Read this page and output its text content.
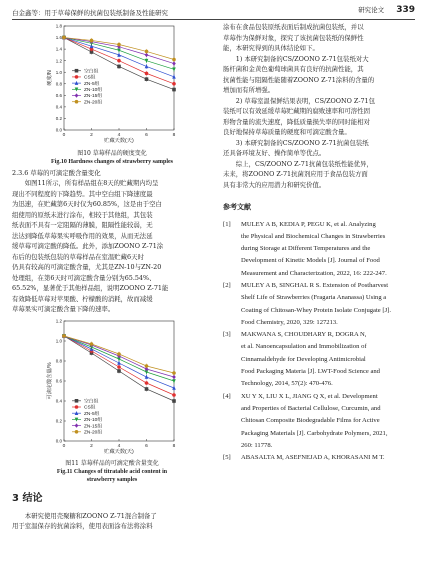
白金鑫等：用于草莓保鲜的抗菌包装纸制备及性能研究	研究论文 339
0.0
0.2
0.4
0.6
0.8
1.0
1.2
1.4
1.6
1.8
0	2	4	6	8
贮藏天数(天)
硬度/N	空白组
CS组
ZN-5组
ZN-10组
ZN-15组
ZN-20组

图10 草莓样品的硬度变化

Fig.10 Hardness changes of strawberry samples

2.3.6 草莓的可滴定酸含量变化

如图11所示，所有样品组在8天的贮藏期内均呈
现出不同程度的下降趋势。其中空白组下降速度最
为迅速，在贮藏第6天时仅为60.85%，这是由于空白
组使用的原纸未进行涂布，相较于其他组，其包装
纸表面不具有一定阻隔的薄膜，阻隔性能较弱，无
法达到降低草莓果实呼吸作用的效果，从而无法延
缓草莓可滴定酸的降低。此外，添加ZOONO Z-71涂
布后的包装纸包装的草莓样品在室温贮藏6天时
仍具有较高的可滴定酸含量，尤其是ZN-10与ZN-20
处理组，在第6天时可滴定酸含量分别为65.54%、
65.52%，显著优于其他样品组，说明ZOONO Z-71能
有效降低草莓对苹果酸、柠檬酸的消耗，故而减缓
草莓果实可滴定酸含量下降的速率。
0.0
0.2
0.4
0.6
0.8
1.0
1.2
0	2	4	6	8
贮藏天数(天)
可滴定酸含量/%
空白组
CS组
ZN-5组
ZN-10组
ZN-15组
ZN-20组

图11 草莓样品的可滴定酸含量变化

Fig.11 Changes of titratable acid content in

strawberry samples

3 结论

本研究使用壳聚糖和ZOONO Z-71混合制备了
用于室温保存的抗菌涂料，使用表面涂布法将涂料
涂布在食品包装原纸表面后制成抗菌包装纸，并以
草莓作为保鲜对象，探究了该抗菌包装纸的保鲜性
能，本研究得到的具体结论如下。
1) 本研究制备的CS/ZOONO Z-71包装纸对大
肠杆菌和金黄色葡萄球菌具有良好的抗菌性能，其
抗菌性能与阻隔性能随着ZOONO Z-71涂料的含量的
增加而有所增强。
2) 草莓室温保鲜结果表明，CS/ZOONO Z-71包
装纸可以有效延缓草莓贮藏期的腐败速率和可溶性固
形物含量的流失速度，降低质量损失率的同时能相对
良好地保持草莓质量的硬度和可滴定酸含量。
3) 本研究制备的CS/ZOONO Z-71抗菌包装纸
还具备环境友好、操作简单等优点。
综上，CS/ZOONO Z-71抗菌包装纸性能优异，
未来，将ZOONO Z-71抗菌剂应用于食品包装方面
具有非常大的应用潜力和研究价值。

参考文献

[1]	MULEY A B, KEDIA P, PEGU K, et al. Analyzing
the Physical and Biochemical Changes in Strawberries
during Storage at Different Temperatures and the
Development of Kinetic Models [J]. Journal of Food
Measurement and Characterization, 2022, 16: 222-247.
[2]	MULEY A B, SINGHAL R S. Extension of Postharvest
Shelf Life of Strawberries (Fragaria Ananassa) Using a
Coating of Chitosan-Whey Protein Isolate Conjugate [J].
Food Chemistry, 2020, 329: 127213.
[3]	MAKWANA S, CHOUDHARY R, DOGRA N,
et al. Nanoencapsulation and Immobilization of
Cinnamaldehyde for Developing Antimicrobial
Food Packaging Materia [J]. LWT-Food Science and
Technology, 2014, 57(2): 470-476.
[4]	XU Y X, LIU X L, JIANG Q X, et al. Development
and Properties of Bacterial Cellulose, Curcumin, and
Chitosan Composite Biodegradable Films for Active
Packaging Materials [J]. Carbohydrate Polymers, 2021,
260: 11778.
[5]	ABASALTA M, ASEFNEJAD A, KHORASANI M T.
